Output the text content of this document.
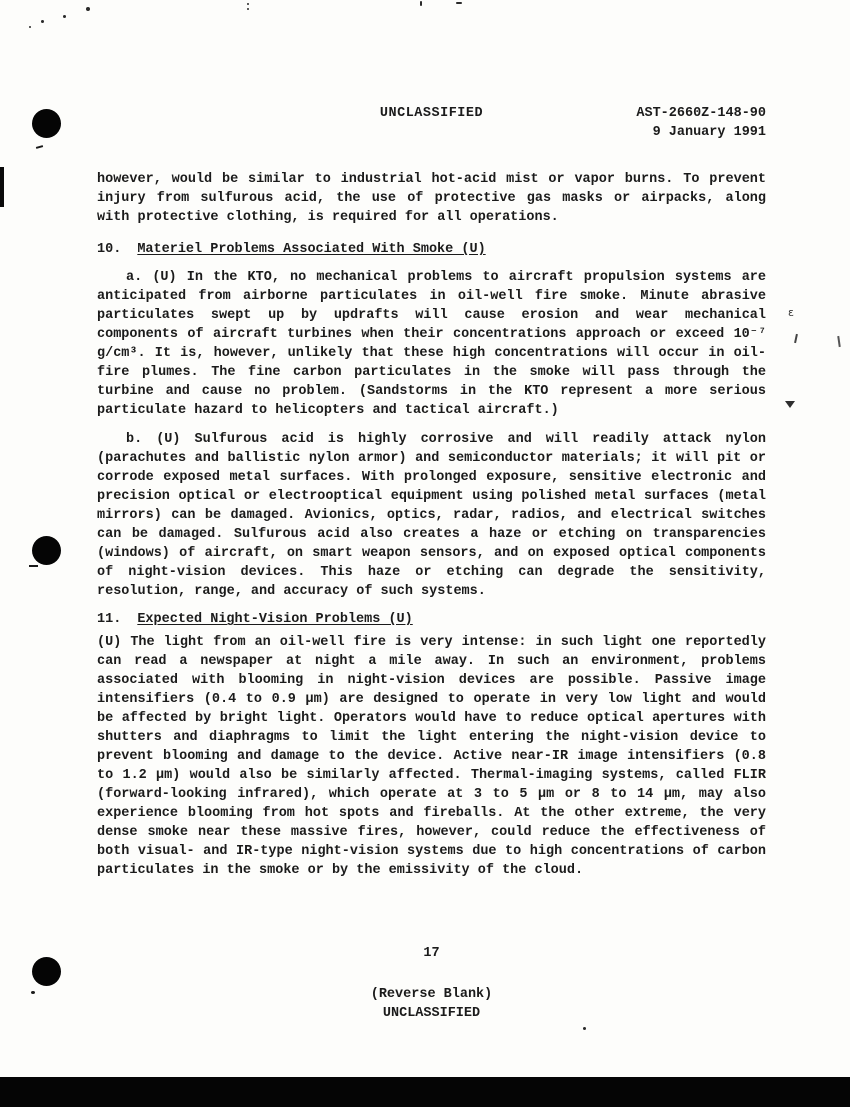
ε
UNCLASSIFIED	AST-2660Z-148-90
9 January 1991

however, would be similar to industrial hot-acid mist or vapor burns. To prevent injury from sulfurous acid, the use of protective gas masks or airpacks, along with protective clothing, is required for all operations.

10. Materiel Problems Associated With Smoke (U)

a. (U) In the KTO, no mechanical problems to aircraft propulsion systems are anticipated from airborne particulates in oil-well fire smoke. Minute abrasive particulates swept up by updrafts will cause erosion and wear mechanical components of aircraft turbines when their concentrations approach or exceed 10⁻⁷ g/cm³. It is, however, unlikely that these high concentrations will occur in oil-fire plumes. The fine carbon particulates in the smoke will pass through the turbine and cause no problem. (Sandstorms in the KTO represent a more serious particulate hazard to helicopters and tactical aircraft.)

b. (U) Sulfurous acid is highly corrosive and will readily attack nylon (parachutes and ballistic nylon armor) and semiconductor materials; it will pit or corrode exposed metal surfaces. With prolonged exposure, sensitive electronic and precision optical or electrooptical equipment using polished metal surfaces (metal mirrors) can be damaged. Avionics, optics, radar, radios, and electrical switches can be damaged. Sulfurous acid also creates a haze or etching on transparencies (windows) of aircraft, on smart weapon sensors, and on exposed optical components of night-vision devices. This haze or etching can degrade the sensitivity, resolution, range, and accuracy of such systems.

11. Expected Night-Vision Problems (U)

(U) The light from an oil-well fire is very intense: in such light one reportedly can read a newspaper at night a mile away. In such an environment, problems associated with blooming in night-vision devices are possible. Passive image intensifiers (0.4 to 0.9 µm) are designed to operate in very low light and would be affected by bright light. Operators would have to reduce optical apertures with shutters and diaphragms to limit the light entering the night-vision device to prevent blooming and damage to the device. Active near-IR image intensifiers (0.8 to 1.2 µm) would also be similarly affected. Thermal-imaging systems, called FLIR (forward-looking infrared), which operate at 3 to 5 µm or 8 to 14 µm, may also experience blooming from hot spots and fireballs. At the other extreme, the very dense smoke near these massive fires, however, could reduce the effectiveness of both visual- and IR-type night-vision systems due to high concentrations of carbon particulates in the smoke or by the emissivity of the cloud.

17
(Reverse Blank)
UNCLASSIFIED
